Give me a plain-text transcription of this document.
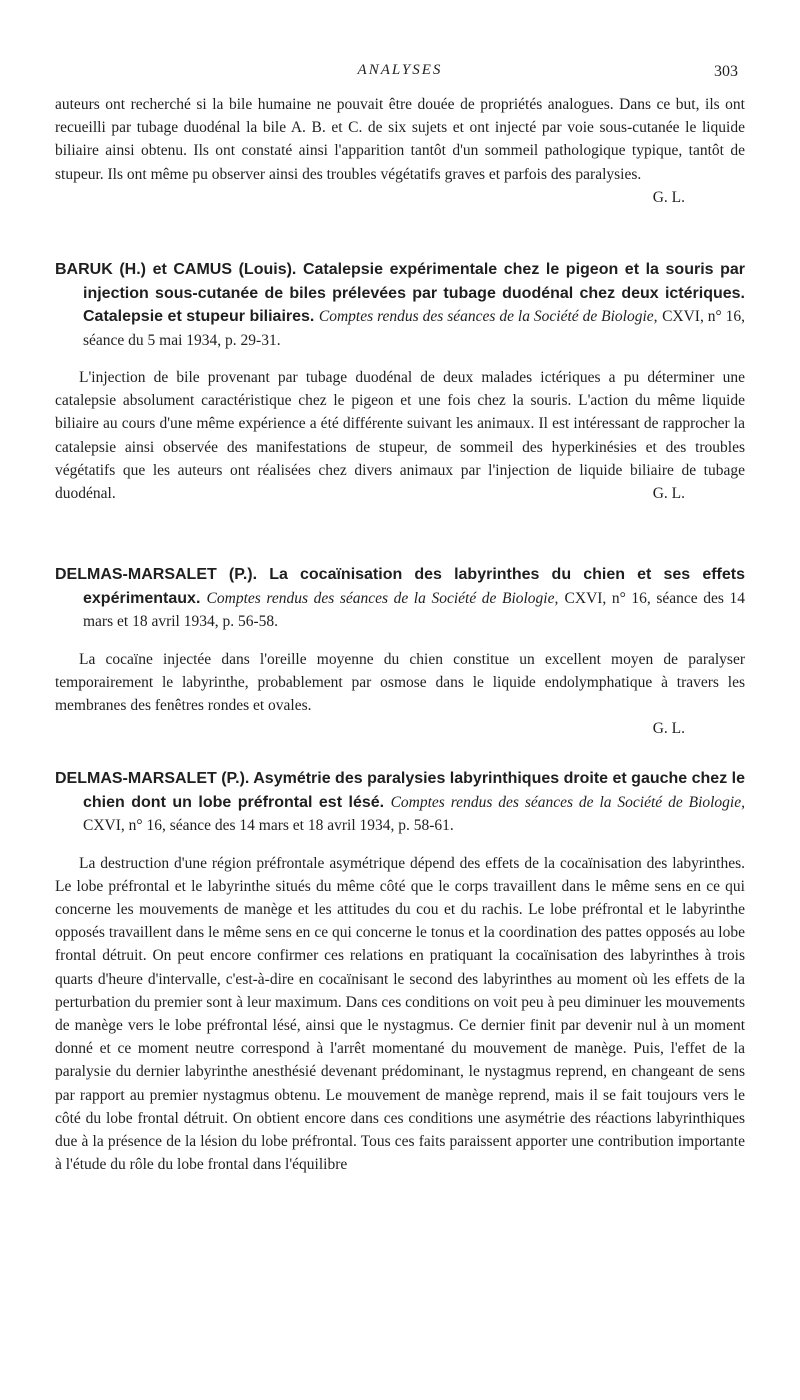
ANALYSES	303

auteurs ont recherché si la bile humaine ne pouvait être douée de propriétés analogues. Dans ce but, ils ont recueilli par tubage duodénal la bile A. B. et C. de six sujets et ont injecté par voie sous-cutanée le liquide biliaire ainsi obtenu. Ils ont constaté ainsi l'apparition tantôt d'un sommeil pathologique typique, tantôt de stupeur. Ils ont même pu observer ainsi des troubles végétatifs graves et parfois des paralysies.

G. L.

BARUK (H.) et CAMUS (Louis). Catalepsie expérimentale chez le pigeon et la souris par injection sous-cutanée de biles prélevées par tubage duodénal chez deux ictériques. Catalepsie et stupeur biliaires. Comptes rendus des séances de la Société de Biologie, CXVI, n° 16, séance du 5 mai 1934, p. 29-31.

L'injection de bile provenant par tubage duodénal de deux malades ictériques a pu déterminer une catalepsie absolument caractéristique chez le pigeon et une fois chez la souris. L'action du même liquide biliaire au cours d'une même expérience a été différente suivant les animaux. Il est intéressant de rapprocher la catalepsie ainsi observée des manifestations de stupeur, de sommeil des hyperkinésies et des troubles végétatifs que les auteurs ont réalisées chez divers animaux par l'injection de liquide biliaire de tubage duodénal.	G. L.

DELMAS-MARSALET (P.). La cocaïnisation des labyrinthes du chien et ses effets expérimentaux. Comptes rendus des séances de la Société de Biologie, CXVI, n° 16, séance des 14 mars et 18 avril 1934, p. 56-58.

La cocaïne injectée dans l'oreille moyenne du chien constitue un excellent moyen de paralyser temporairement le labyrinthe, probablement par osmose dans le liquide endolymphatique à travers les membranes des fenêtres rondes et ovales.

G. L.

DELMAS-MARSALET (P.). Asymétrie des paralysies labyrinthiques droite et gauche chez le chien dont un lobe préfrontal est lésé. Comptes rendus des séances de la Société de Biologie, CXVI, n° 16, séance des 14 mars et 18 avril 1934, p. 58-61.

La destruction d'une région préfrontale asymétrique dépend des effets de la cocaïnisation des labyrinthes. Le lobe préfrontal et le labyrinthe situés du même côté que le corps travaillent dans le même sens en ce qui concerne les mouvements de manège et les attitudes du cou et du rachis. Le lobe préfrontal et le labyrinthe opposés travaillent dans le même sens en ce qui concerne le tonus et la coordination des pattes opposés au lobe frontal détruit. On peut encore confirmer ces relations en pratiquant la cocaïnisation des labyrinthes à trois quarts d'heure d'intervalle, c'est-à-dire en cocaïnisant le second des labyrinthes au moment où les effets de la perturbation du premier sont à leur maximum. Dans ces conditions on voit peu à peu diminuer les mouvements de manège vers le lobe préfrontal lésé, ainsi que le nystagmus. Ce dernier finit par devenir nul à un moment donné et ce moment neutre correspond à l'arrêt momentané du mouvement de manège. Puis, l'effet de la paralysie du dernier labyrinthe anesthésié devenant prédominant, le nystagmus reprend, en changeant de sens par rapport au premier nystagmus obtenu. Le mouvement de manège reprend, mais il se fait toujours vers le côté du lobe frontal détruit. On obtient encore dans ces conditions une asymétrie des réactions labyrinthiques due à la présence de la lésion du lobe préfrontal. Tous ces faits paraissent apporter une contribution importante à l'étude du rôle du lobe frontal dans l'équilibre
